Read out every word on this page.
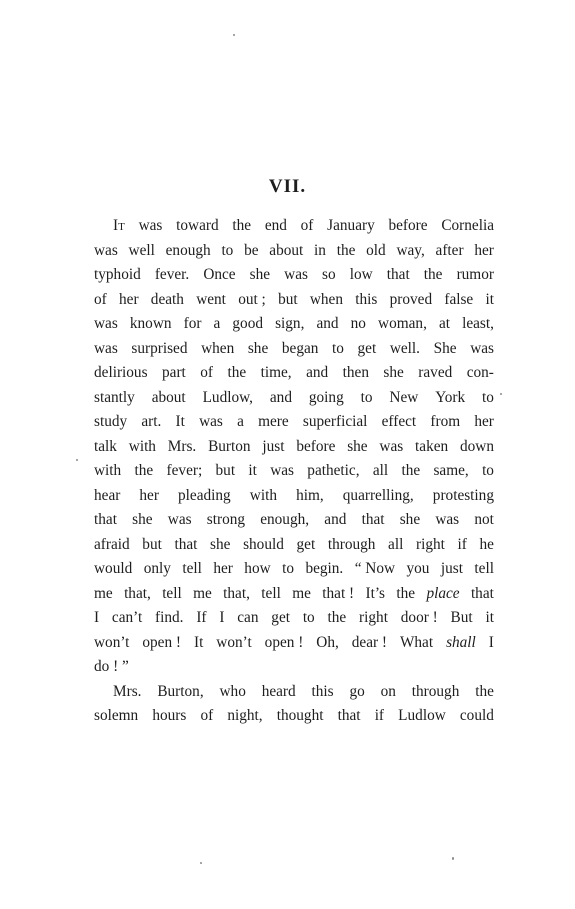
VII.
It was toward the end of January before Cornelia
was well enough to be about in the old way, after her
typhoid fever. Once she was so low that the rumor
of her death went out ; but when this proved false it
was known for a good sign, and no woman, at least,
was surprised when she began to get well. She was
delirious part of the time, and then she raved con-
stantly about Ludlow, and going to New York to
study art. It was a mere superficial effect from her
talk with Mrs. Burton just before she was taken down
with the fever; but it was pathetic, all the same, to
hear her pleading with him, quarrelling, protesting
that she was strong enough, and that she was not
afraid but that she should get through all right if he
would only tell her how to begin. “ Now you just tell
me that, tell me that, tell me that ! It’s the place that
I can’t find. If I can get to the right door ! But it
won’t open ! It won’t open ! Oh, dear ! What shall I
do ! ”
Mrs. Burton, who heard this go on through the
solemn hours of night, thought that if Ludlow could
